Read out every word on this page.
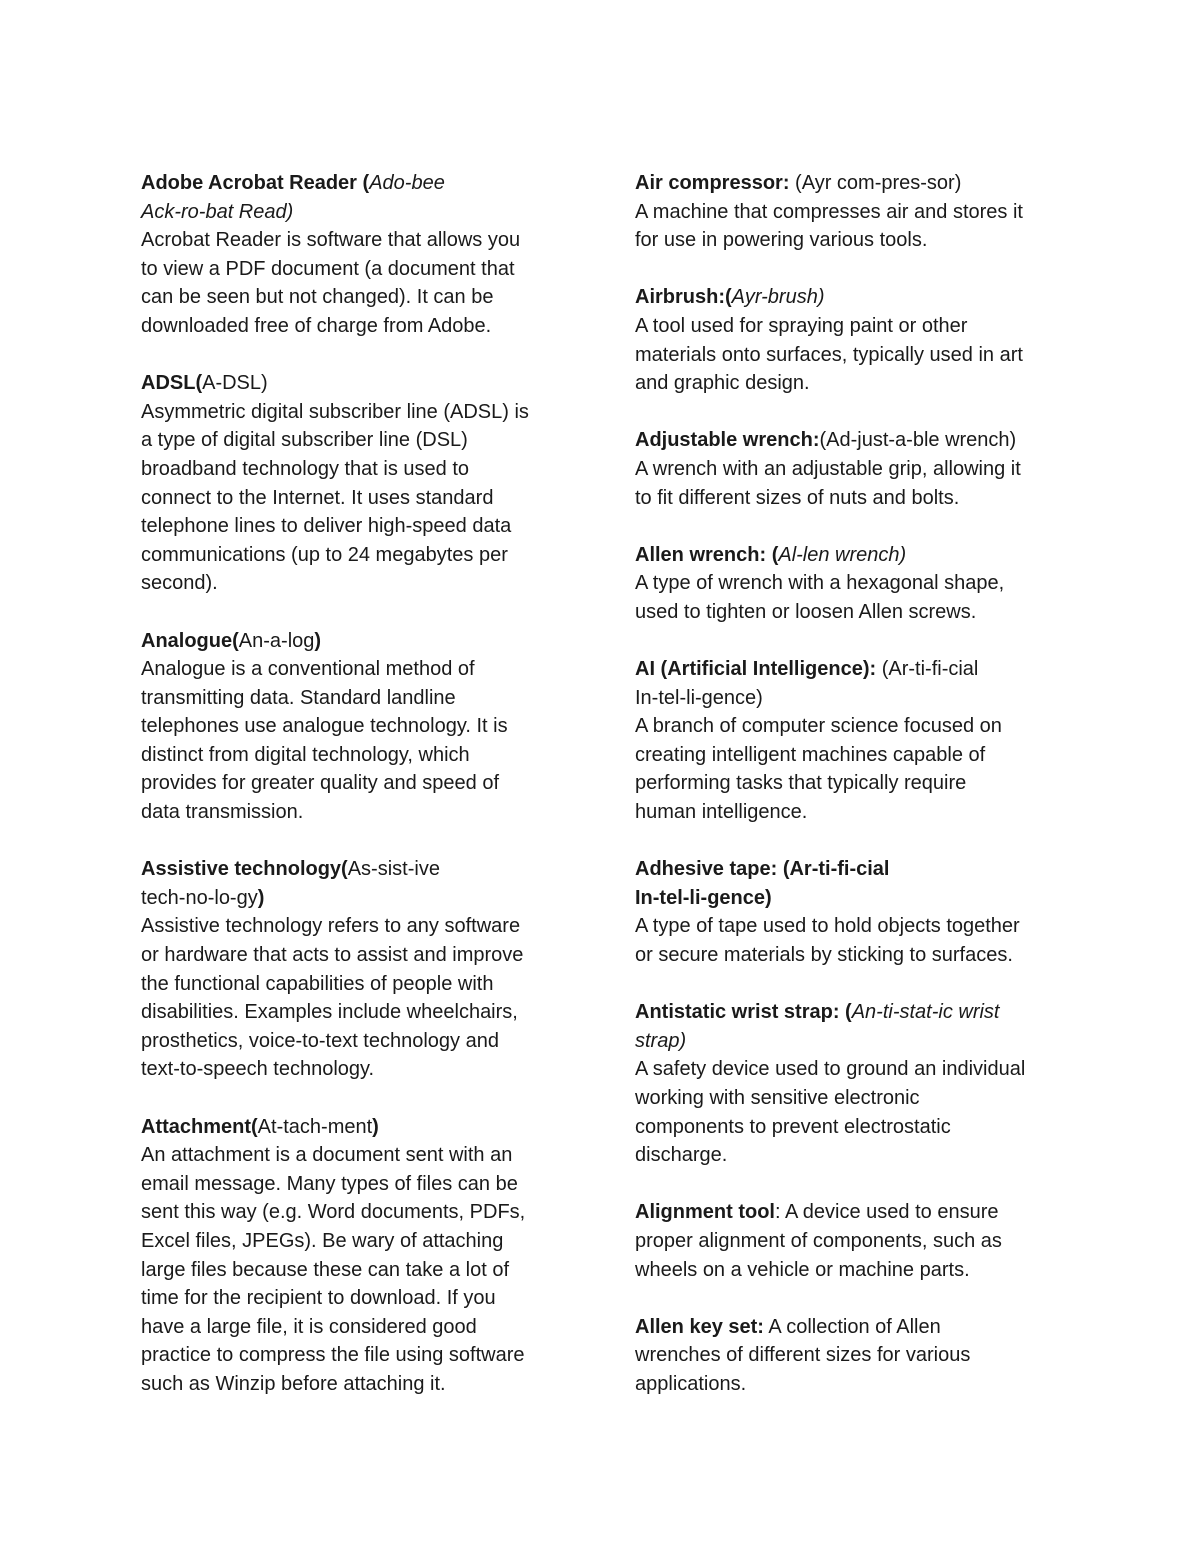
Adobe Acrobat Reader (Ado-bee
Ack-ro-bat Read)
Acrobat Reader is software that allows you
to view a PDF document (a document that
can be seen but not changed). It can be
downloaded free of charge from Adobe.
ADSL(A-DSL)
Asymmetric digital subscriber line (ADSL) is
a type of digital subscriber line (DSL)
broadband technology that is used to
connect to the Internet. It uses standard
telephone lines to deliver high-speed data
communications (up to 24 megabytes per
second).
Analogue(An-a-log)
Analogue is a conventional method of
transmitting data. Standard landline
telephones use analogue technology. It is
distinct from digital technology, which
provides for greater quality and speed of
data transmission.
Assistive technology(As-sist-ive
tech-no-lo-gy)
Assistive technology refers to any software
or hardware that acts to assist and improve
the functional capabilities of people with
disabilities. Examples include wheelchairs,
prosthetics, voice-to-text technology and
text-to-speech technology.
Attachment(At-tach-ment)
An attachment is a document sent with an
email message. Many types of files can be
sent this way (e.g. Word documents, PDFs,
Excel files, JPEGs). Be wary of attaching
large files because these can take a lot of
time for the recipient to download. If you
have a large file, it is considered good
practice to compress the file using software
such as Winzip before attaching it.
Air compressor: (Ayr com-pres-sor)
A machine that compresses air and stores it
for use in powering various tools.
Airbrush:(Ayr-brush)
A tool used for spraying paint or other
materials onto surfaces, typically used in art
and graphic design.
Adjustable wrench:(Ad-just-a-ble wrench)
A wrench with an adjustable grip, allowing it
to fit different sizes of nuts and bolts.
Allen wrench: (Al-len wrench)
A type of wrench with a hexagonal shape,
used to tighten or loosen Allen screws.
AI (Artificial Intelligence): (Ar-ti-fi-cial
In-tel-li-gence)
A branch of computer science focused on
creating intelligent machines capable of
performing tasks that typically require
human intelligence.
Adhesive tape: (Ar-ti-fi-cial
In-tel-li-gence)
A type of tape used to hold objects together
or secure materials by sticking to surfaces.
Antistatic wrist strap: (An-ti-stat-ic wrist
strap)
A safety device used to ground an individual
working with sensitive electronic
components to prevent electrostatic
discharge.
Alignment tool: A device used to ensure
proper alignment of components, such as
wheels on a vehicle or machine parts.
Allen key set: A collection of Allen
wrenches of different sizes for various
applications.
